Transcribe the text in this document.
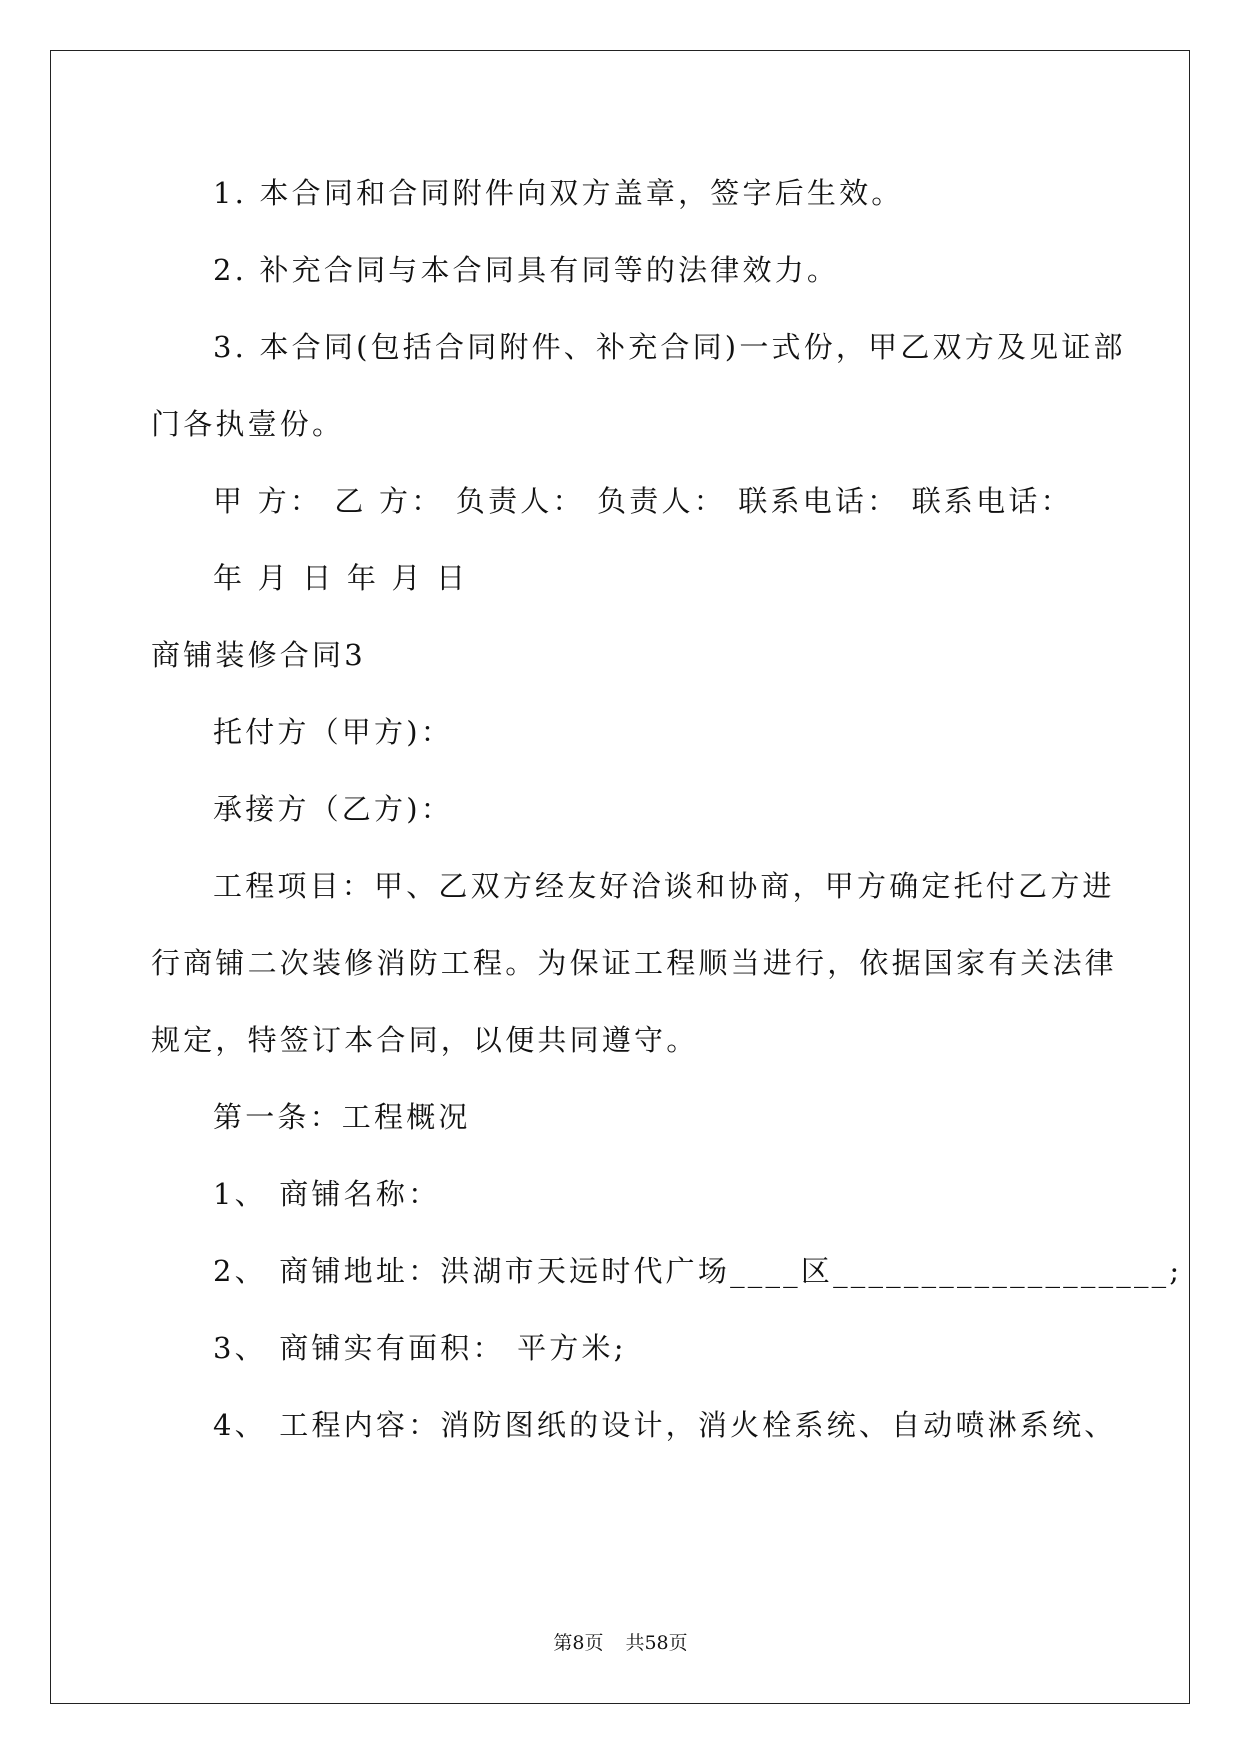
1. 本合同和合同附件向双方盖章，签字后生效。
2. 补充合同与本合同具有同等的法律效力。
3. 本合同(包括合同附件、补充合同)一式份，甲乙双方及见证部
门各执壹份。
甲 方： 乙 方： 负责人： 负责人： 联系电话： 联系电话：
年 月 日 年 月 日
商铺装修合同3
托付方（甲方)：
承接方（乙方)：
工程项目：甲、乙双方经友好洽谈和协商，甲方确定托付乙方进
行商铺二次装修消防工程。为保证工程顺当进行，依据国家有关法律
规定，特签订本合同，以便共同遵守。
第一条：工程概况
1、 商铺名称：
2、 商铺地址：洪湖市天远时代广场____区___________________;
3、 商铺实有面积： 平方米;
4、 工程内容：消防图纸的设计，消火栓系统、自动喷淋系统、
第8页 共58页
